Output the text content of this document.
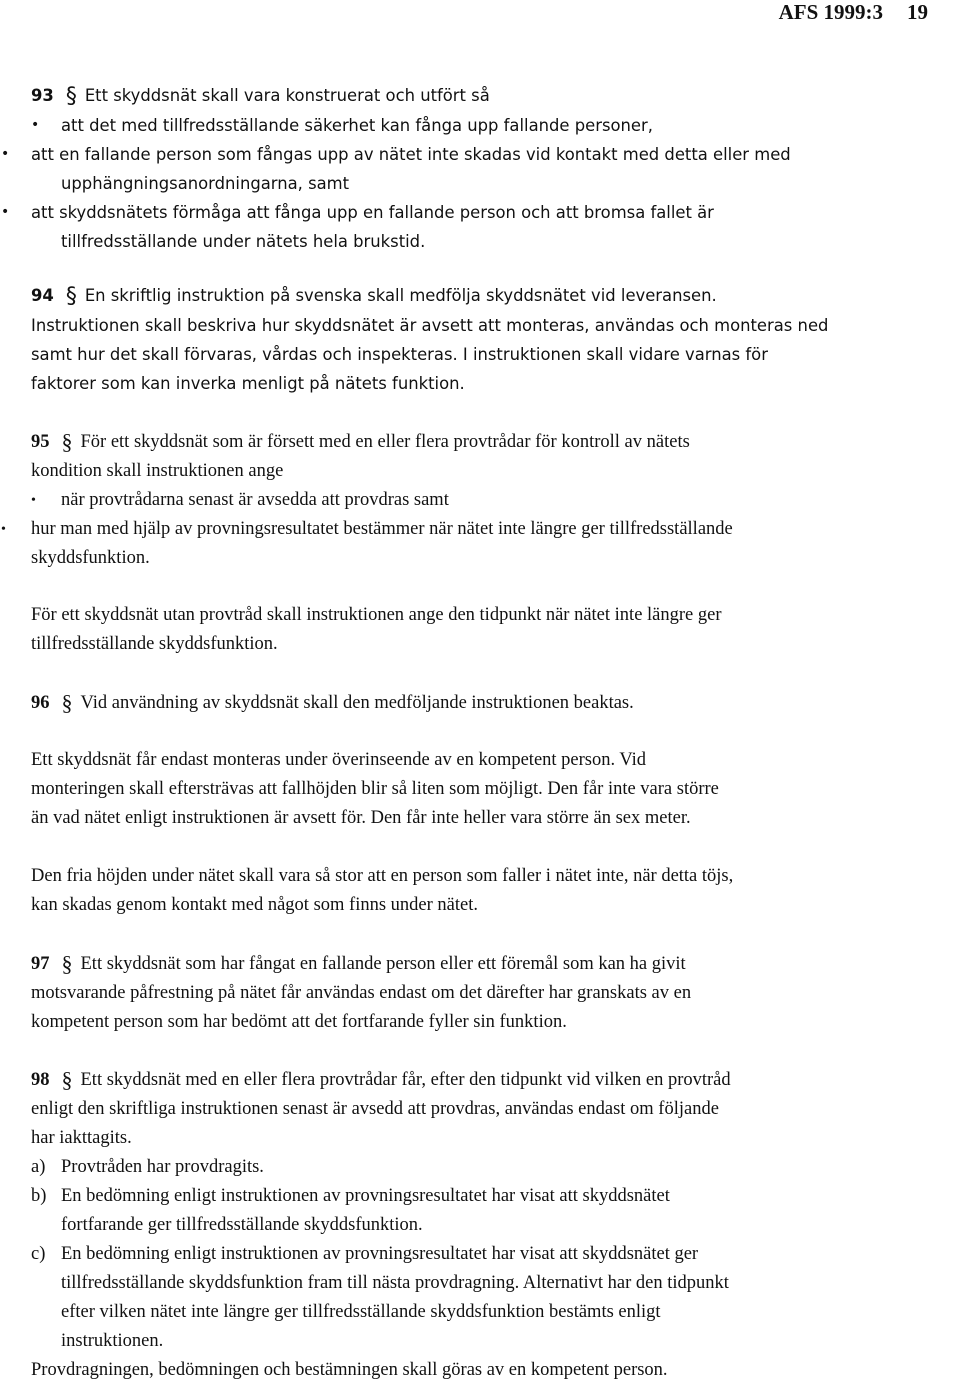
AFS 1999:3 19

93 § Ett skyddsnät skall vara konstruerat och utfört så

• att det med tillfredsställande säkerhet kan fånga upp fallande personer,

• att en fallande person som fångas upp av nätet inte skadas vid kontakt med detta eller med

upphängningsanordningarna, samt

• att skyddsnätets förmåga att fånga upp en fallande person och att bromsa fallet är

tillfredsställande under nätets hela brukstid.

94 § En skriftlig instruktion på svenska skall medfölja skyddsnätet vid leveransen.

Instruktionen skall beskriva hur skyddsnätet är avsett att monteras, användas och monteras ned

samt hur det skall förvaras, vårdas och inspekteras. I instruktionen skall vidare varnas för

faktorer som kan inverka menligt på nätets funktion.

95 § För ett skyddsnät som är försett med en eller flera provtrådar för kontroll av nätets

kondition skall instruktionen ange

• när provtrådarna senast är avsedda att provdras samt

• hur man med hjälp av provningsresultatet bestämmer när nätet inte längre ger tillfredsställande

skyddsfunktion.

För ett skyddsnät utan provtråd skall instruktionen ange den tidpunkt när nätet inte längre ger

tillfredsställande skyddsfunktion.

96 § Vid användning av skyddsnät skall den medföljande instruktionen beaktas.

Ett skyddsnät får endast monteras under överinseende av en kompetent person. Vid

monteringen skall eftersträvas att fallhöjden blir så liten som möjligt. Den får inte vara större

än vad nätet enligt instruktionen är avsett för. Den får inte heller vara större än sex meter.

Den fria höjden under nätet skall vara så stor att en person som faller i nätet inte, när detta töjs,

kan skadas genom kontakt med något som finns under nätet.

97 § Ett skyddsnät som har fångat en fallande person eller ett föremål som kan ha givit

motsvarande påfrestning på nätet får användas endast om det därefter har granskats av en

kompetent person som har bedömt att det fortfarande fyller sin funktion.

98 § Ett skyddsnät med en eller flera provtrådar får, efter den tidpunkt vid vilken en provtråd

enligt den skriftliga instruktionen senast är avsedd att provdras, användas endast om följande

har iakttagits.

a) Provtråden har provdragits.

b) En bedömning enligt instruktionen av provningsresultatet har visat att skyddsnätet

fortfarande ger tillfredsställande skyddsfunktion.

c) En bedömning enligt instruktionen av provningsresultatet har visat att skyddsnätet ger

tillfredsställande skyddsfunktion fram till nästa provdragning. Alternativt har den tidpunkt

efter vilken nätet inte längre ger tillfredsställande skyddsfunktion bestämts enligt

instruktionen.

Provdragningen, bedömningen och bestämningen skall göras av en kompetent person.
